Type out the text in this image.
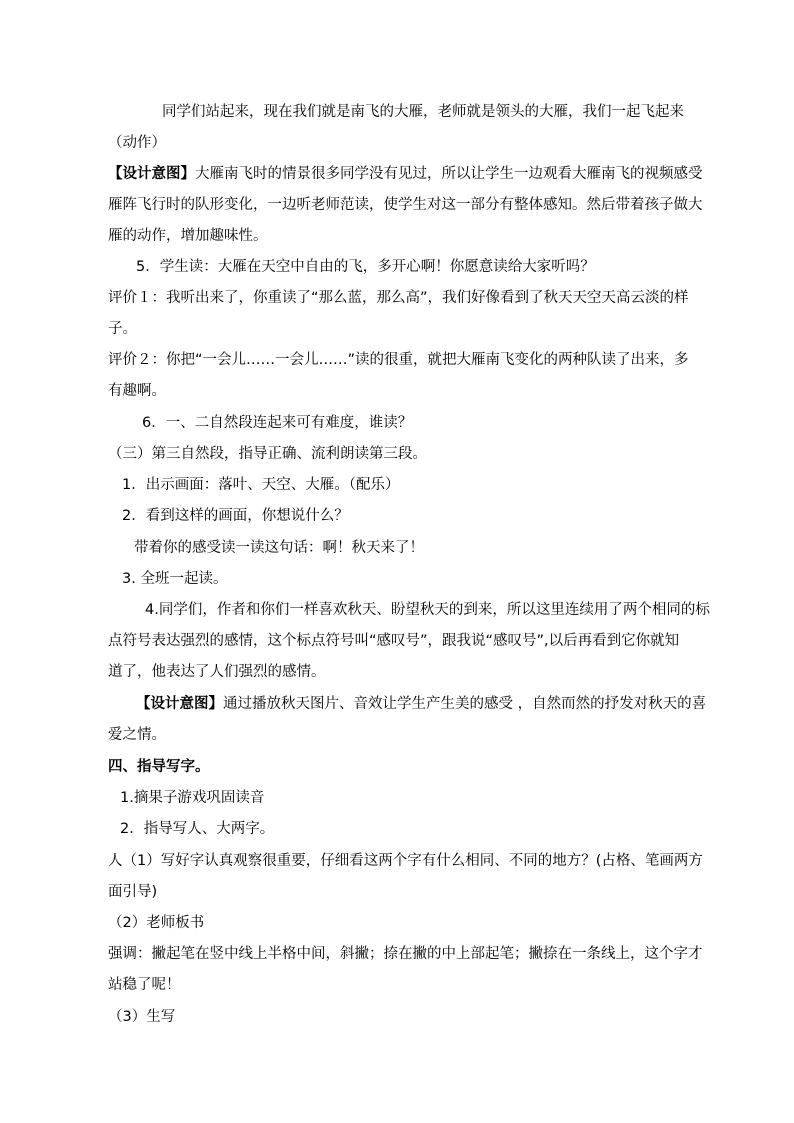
同学们站起来，现在我们就是南飞的大雁，老师就是领头的大雁，我们一起飞起来

（动作）

【设计意图】大雁南飞时的情景很多同学没有见过，所以让学生一边观看大雁南飞的视频感受

雁阵飞行时的队形变化，一边听老师范读，使学生对这一部分有整体感知。然后带着孩子做大

雁的动作，增加趣味性。

5．学生读：大雁在天空中自由的飞，多开心啊！你愿意读给大家听吗？

评价１：我听出来了，你重读了“那么蓝，那么高”，我们好像看到了秋天天空天高云淡的样

子。

评价２：你把“一会儿……一会儿……”读的很重，就把大雁南飞变化的两种队读了出来，多

有趣啊。

6．一、二自然段连起来可有难度，谁读？

（三）第三自然段，指导正确、流利朗读第三段。

1．出示画面：落叶、天空、大雁。（配乐）

2．看到这样的画面，你想说什么？

带着你的感受读一读这句话：啊！秋天来了！

3. 全班一起读。

4.同学们，作者和你们一样喜欢秋天、盼望秋天的到来，所以这里连续用了两个相同的标

点符号表达强烈的感情，这个标点符号叫“感叹号”，跟我说“感叹号”,以后再看到它你就知

道了，他表达了人们强烈的感情。

【设计意图】通过播放秋天图片、音效让学生产生美的感受 ，自然而然的抒发对秋天的喜

爱之情。

四、指导写字。

1.摘果子游戏巩固读音

2．指导写人、大两字。

人（1）写好字认真观察很重要，仔细看这两个字有什么相同、不同的地方？(占格、笔画两方

面引导)

（2）老师板书

强调：撇起笔在竖中线上半格中间，斜撇；捺在撇的中上部起笔；撇捺在一条线上，这个字才

站稳了呢！

（3）生写
